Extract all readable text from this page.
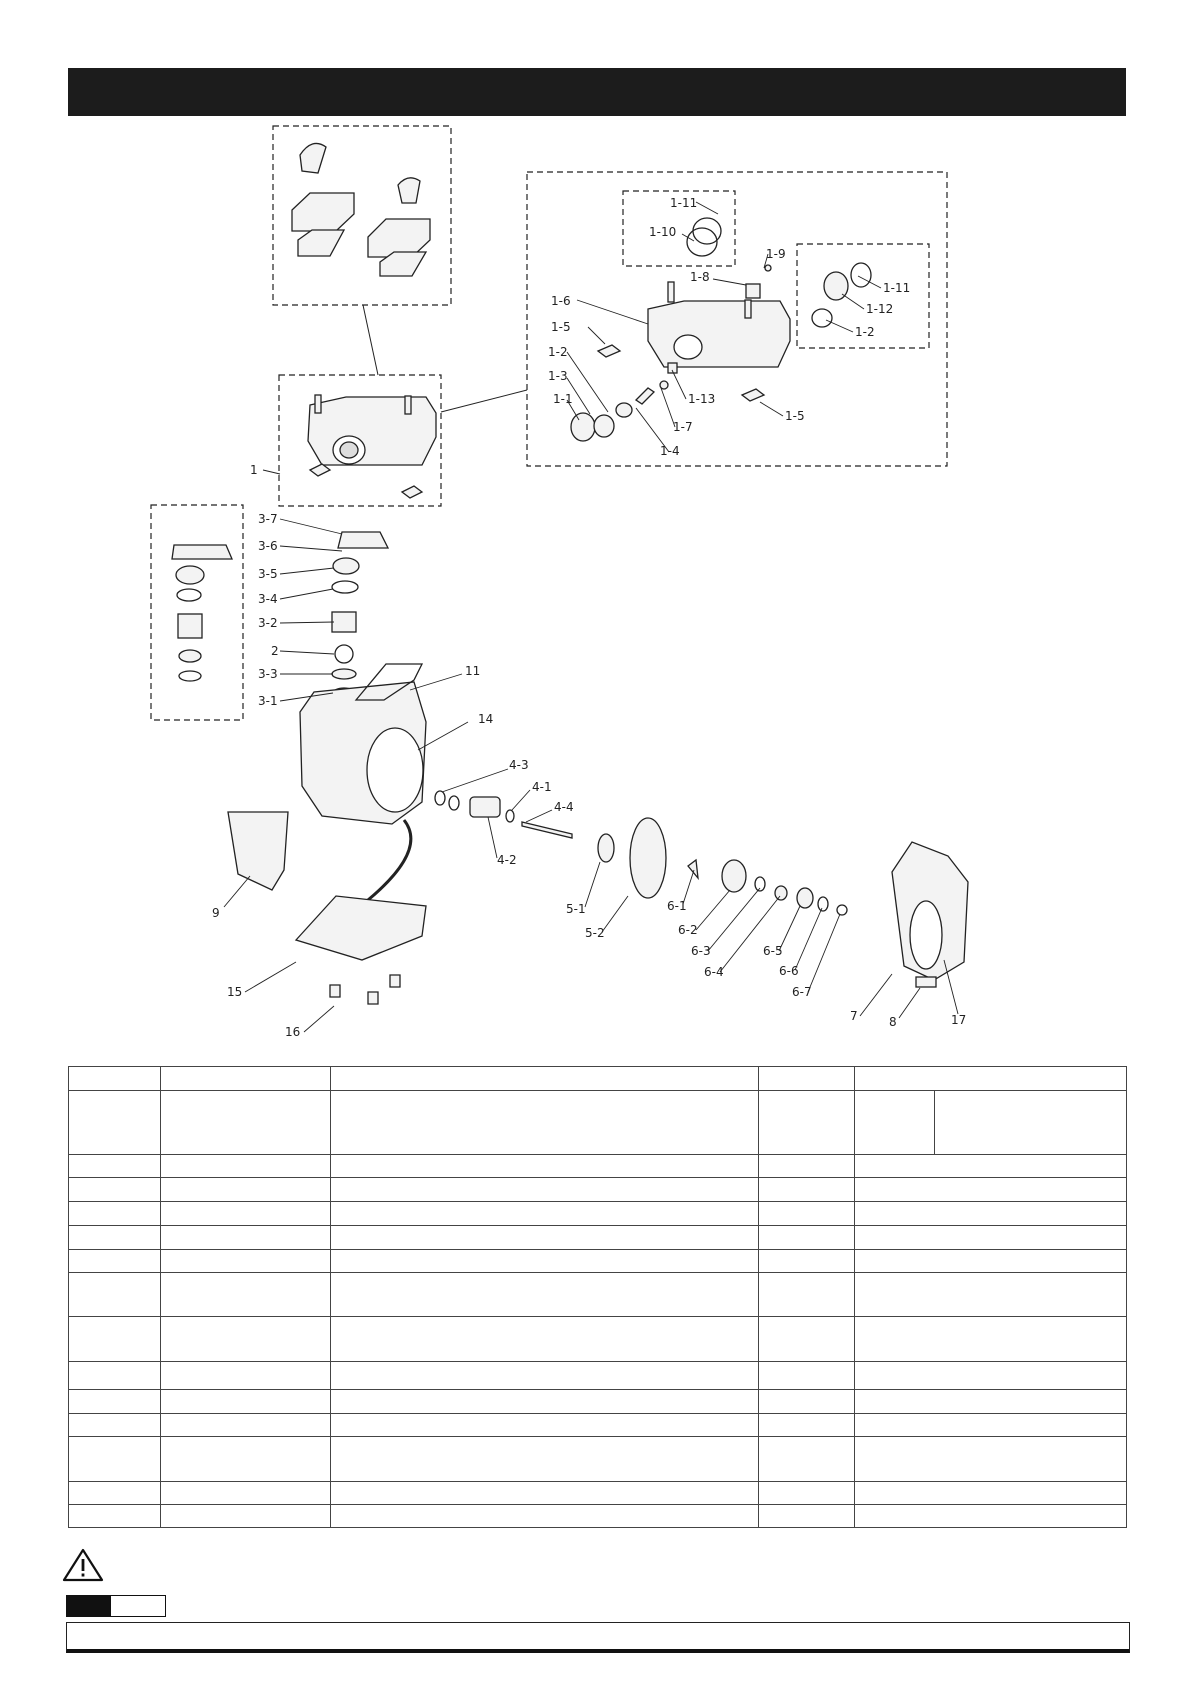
1-11
1-10
1-9
1-8
1-6
1-5
1-2
1-3
1-1	1-13
1-7
1-4
1-11
1-12
1-2
1-5
1
3-7
3-6
3-5
3-4
3-2
2
3-3
3-1
11
14
4-3
4-1
4-4
4-2
5-1
5-2
6-1
6-2
6-3
6-4
6-5
6-6
6-7
9
15
16
7	8	17
